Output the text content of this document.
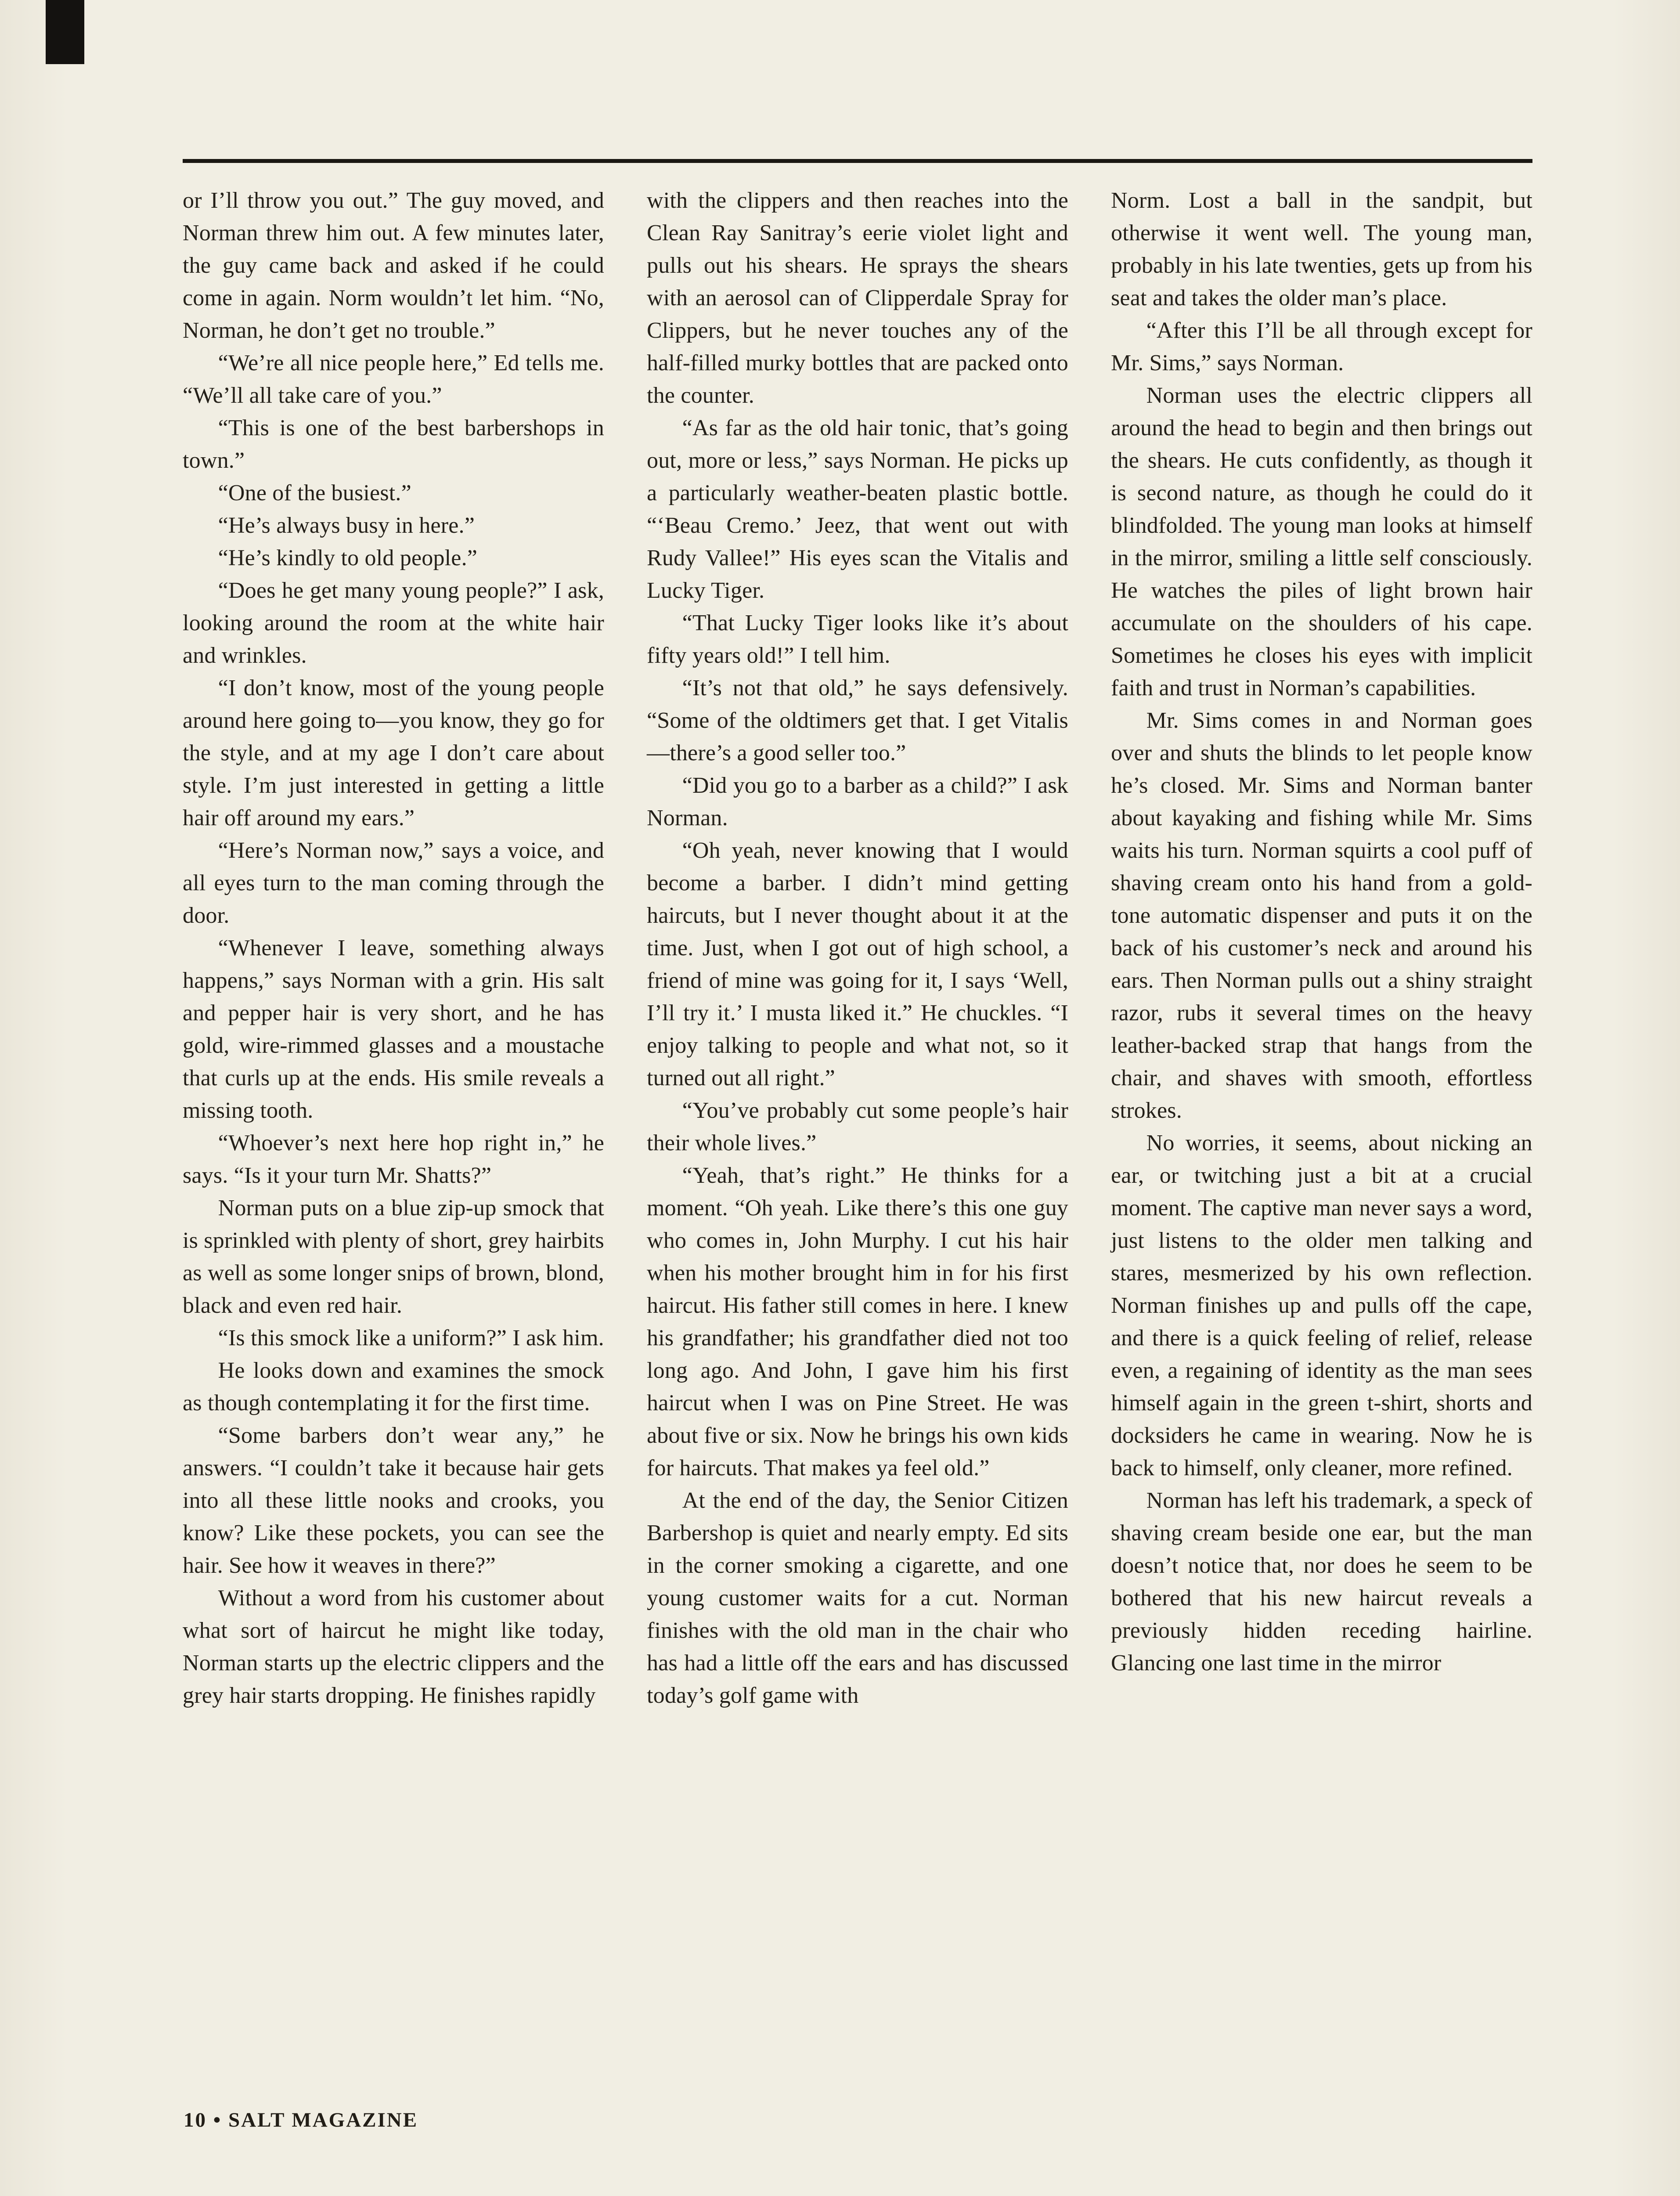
or I’ll throw you out.” The guy moved, and Norman threw him out. A few minutes later, the guy came back and asked if he could come in again. Norm wouldn’t let him. “No, Norman, he don’t get no trouble.”

“We’re all nice people here,” Ed tells me. “We’ll all take care of you.”

“This is one of the best barbershops in town.”

“One of the busiest.”

“He’s always busy in here.”

“He’s kindly to old people.”

“Does he get many young people?” I ask, looking around the room at the white hair and wrinkles.

“I don’t know, most of the young people around here going to—you know, they go for the style, and at my age I don’t care about style. I’m just interested in getting a little hair off around my ears.”

“Here’s Norman now,” says a voice, and all eyes turn to the man coming through the door.

“Whenever I leave, something always happens,” says Norman with a grin. His salt and pepper hair is very short, and he has gold, wire-rimmed glasses and a moustache that curls up at the ends. His smile reveals a missing tooth.

“Whoever’s next here hop right in,” he says. “Is it your turn Mr. Shatts?”

Norman puts on a blue zip-up smock that is sprinkled with plenty of short, grey hairbits as well as some longer snips of brown, blond, black and even red hair.

“Is this smock like a uniform?” I ask him.

He looks down and examines the smock as though contemplating it for the first time.

“Some barbers don’t wear any,” he answers. “I couldn’t take it because hair gets into all these little nooks and crooks, you know? Like these pockets, you can see the hair. See how it weaves in there?”

Without a word from his customer about what sort of haircut he might like today, Norman starts up the electric clippers and the grey hair starts dropping. He finishes rapidly

with the clippers and then reaches into the Clean Ray Sanitray’s eerie violet light and pulls out his shears. He sprays the shears with an aerosol can of Clipperdale Spray for Clippers, but he never touches any of the half-filled murky bottles that are packed onto the counter.

“As far as the old hair tonic, that’s going out, more or less,” says Norman. He picks up a particularly weather-beaten plastic bottle. “‘Beau Cremo.’ Jeez, that went out with Rudy Vallee!” His eyes scan the Vitalis and Lucky Tiger.

“That Lucky Tiger looks like it’s about fifty years old!” I tell him.

“It’s not that old,” he says defensively. “Some of the oldtimers get that. I get Vitalis—there’s a good seller too.”

“Did you go to a barber as a child?” I ask Norman.

“Oh yeah, never knowing that I would become a barber. I didn’t mind getting haircuts, but I never thought about it at the time. Just, when I got out of high school, a friend of mine was going for it, I says ‘Well, I’ll try it.’ I musta liked it.” He chuckles. “I enjoy talking to people and what not, so it turned out all right.”

“You’ve probably cut some people’s hair their whole lives.”

“Yeah, that’s right.” He thinks for a moment. “Oh yeah. Like there’s this one guy who comes in, John Murphy. I cut his hair when his mother brought him in for his first haircut. His father still comes in here. I knew his grandfather; his grandfather died not too long ago. And John, I gave him his first haircut when I was on Pine Street. He was about five or six. Now he brings his own kids for haircuts. That makes ya feel old.”

At the end of the day, the Senior Citizen Barbershop is quiet and nearly empty. Ed sits in the corner smoking a cigarette, and one young customer waits for a cut. Norman finishes with the old man in the chair who has had a little off the ears and has discussed today’s golf game with

Norm. Lost a ball in the sandpit, but otherwise it went well. The young man, probably in his late twenties, gets up from his seat and takes the older man’s place.

“After this I’ll be all through except for Mr. Sims,” says Norman.

Norman uses the electric clippers all around the head to begin and then brings out the shears. He cuts confidently, as though it is second nature, as though he could do it blindfolded. The young man looks at himself in the mirror, smiling a little self consciously. He watches the piles of light brown hair accumulate on the shoulders of his cape. Sometimes he closes his eyes with implicit faith and trust in Norman’s capabilities.

Mr. Sims comes in and Norman goes over and shuts the blinds to let people know he’s closed. Mr. Sims and Norman banter about kayaking and fishing while Mr. Sims waits his turn. Norman squirts a cool puff of shaving cream onto his hand from a gold-tone automatic dispenser and puts it on the back of his customer’s neck and around his ears. Then Norman pulls out a shiny straight razor, rubs it several times on the heavy leather-backed strap that hangs from the chair, and shaves with smooth, effortless strokes.

No worries, it seems, about nicking an ear, or twitching just a bit at a crucial moment. The captive man never says a word, just listens to the older men talking and stares, mesmerized by his own reflection. Norman finishes up and pulls off the cape, and there is a quick feeling of relief, release even, a regaining of identity as the man sees himself again in the green t-shirt, shorts and docksiders he came in wearing. Now he is back to himself, only cleaner, more refined.

Norman has left his trademark, a speck of shaving cream beside one ear, but the man doesn’t notice that, nor does he seem to be bothered that his new haircut reveals a previously hidden receding hairline. Glancing one last time in the mirror

10 • SALT MAGAZINE
